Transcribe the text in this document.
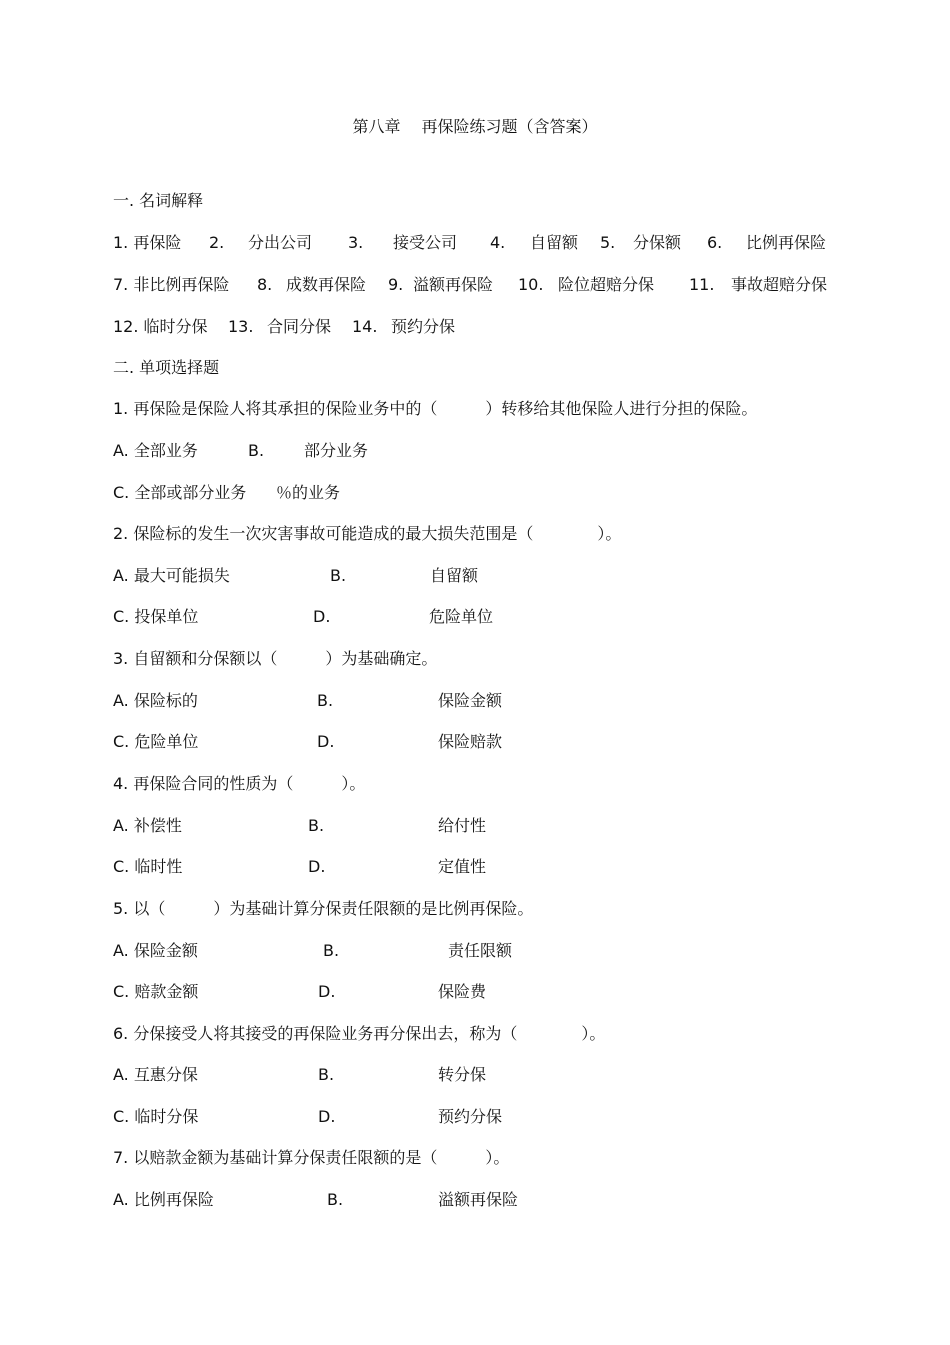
第八章　 再保险练习题（含答案）
一. 名词解释

1. 再保险

2.

分出公司

3.

接受公司

4.

自留额

5.

分保额

6.

比例再保险

7. 非比例再保险

8.

成数再保险

9.

溢额再保险

10.

险位超赔分保

11.

事故超赔分保

12. 临时分保

13.

合同分保

14.

预约分保

二. 单项选择题
1. 再保险是保险人将其承担的保险业务中的（　　　）转移给其他保险人进行分担的保险。

A. 全部业务

	B.

部分业务

C. 全部或部分业务

％的业务

2. 保险标的发生一次灾害事故可能造成的最大损失范围是（　　　　）。

A. 最大可能损失

	B.

	自留额

C. 投保单位

	D.

	危险单位

3. 自留额和分保额以（　　　）为基础确定。

A. 保险标的

	B.

	保险金额

C. 危险单位

	D.

	保险赔款

4. 再保险合同的性质为（　　　）。

A. 补偿性

	B.

	给付性

C. 临时性

	D.

	定值性

5. 以（　　　）为基础计算分保责任限额的是比例再保险。

A. 保险金额

	B.

	责任限额

C. 赔款金额

	D.

	保险费

6. 分保接受人将其接受的再保险业务再分保出去，称为（　　　　）。

A. 互惠分保

	B.

	转分保

C. 临时分保

	D.

	预约分保

7. 以赔款金额为基础计算分保责任限额的是（　　　）。

A. 比例再保险

	B.

	溢额再保险
